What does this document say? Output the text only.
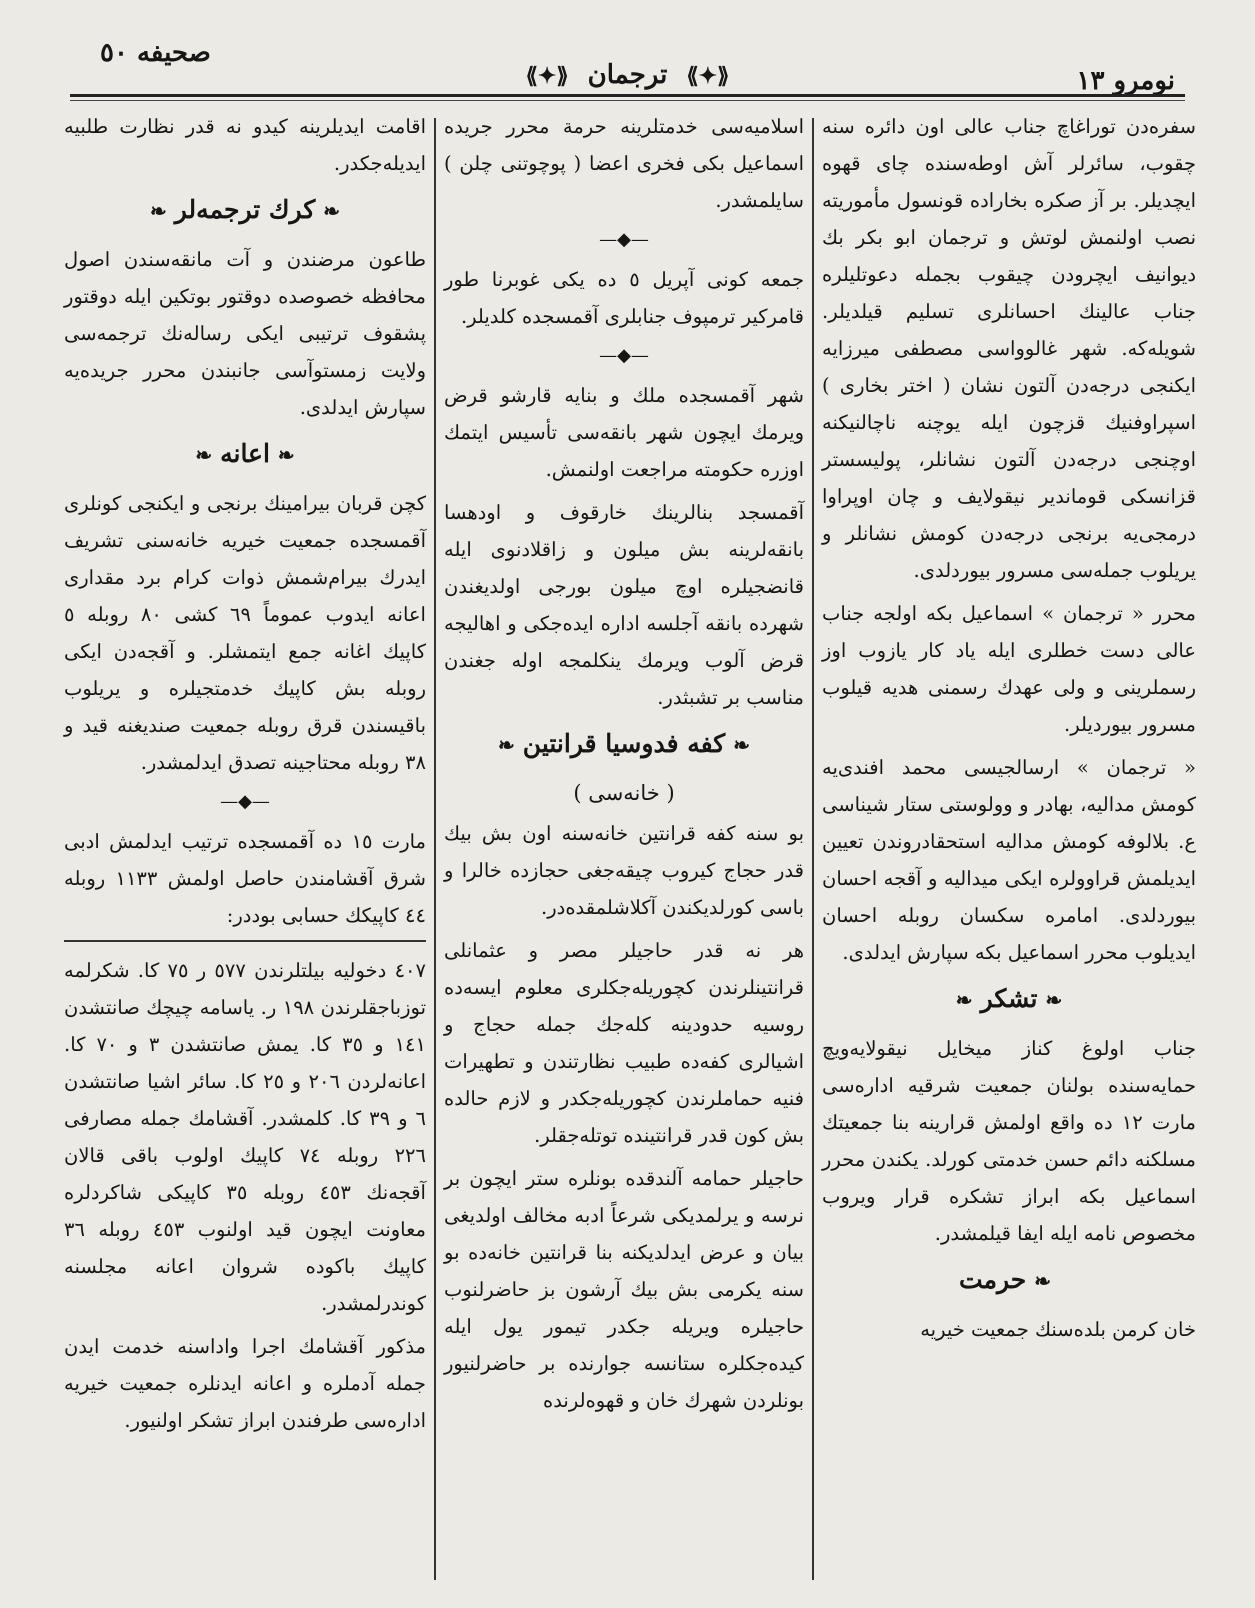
صحیفه ٥٠
⟪✦⟫ ترجمان ⟪✦⟫	نومرو ١٣

سفره‌دن توراغاچ جناب عالی اون دائره سنه چقوب، سائرلر آش اوطه‌سنده چای قهوه ایچدیلر. بر آز صکره بخاراده قونسول مأموریته نصب اولنمش لوتش و ترجمان ابو بکر بك دیوانیف ایچرودن چیقوب بجمله دعوتلیلره جناب عالینك احسانلری تسلیم قیلدیلر. شویله‌که. شهر غالوواسی مصطفی میرزایه ایکنجی درجه‌دن آلتون نشان ( اختر بخاری ) اسپراوفنیك قزچون ایله یوچنه ناچالنیکنه اوچنجی درجه‌دن آلتون نشانلر، پولیسستر قزانسکی قوماندیر نیقولایف و چان اوپراوا درمجی‌یه برنجی درجه‌دن کومش نشانلر و یریلوب جمله‌سی مسرور بیوردلدی.

محرر « ترجمان » اسماعیل بکه اولجه جناب عالی دست خطلری ایله یاد کار یازوب اوز رسملرینی و ولی عهدك رسمنی هدیه قیلوب مسرور بیوردیلر.

« ترجمان » ارسالجیسی محمد افندی‌یه کومش مدالیه، بهادر و وولوستی ستار شیناسی ع. بلالوفه کومش مدالیه استحقادروندن تعیین ایدیلمش قراوولره ایکی میدالیه و آقجه احسان بیوردلدی. امامره سکسان روبله احسان ایدیلوب محرر اسماعیل بکه سپارش ایدلدی.

❧تشکر❧

جناب اولوغ کناز میخایل نیقولایه‌ویچ حمایه‌سنده بولنان جمعیت شرقیه اداره‌سی مارت ١٢ ده واقع اولمش قرارینه بنا جمعیتك مسلکنه دائم حسن خدمتی کورلد. یکندن محرر اسماعیل بکه ابراز تشکره قرار ویروب مخصوص نامه ایله ایفا قیلمشدر.

❧حرمت

خان کرمن بلده‌سنك جمعیت خیریه

اسلامیه‌سی خدمتلرینه حرمة محرر جریده اسماعیل بکی فخری اعضا ( پوچوتنی چلن ) سایلمشدر.

—◆—

جمعه کونی آپریل ٥ ده یکی غوبرنا طور قامرکیر ترمپوف جنابلری آقمسجده کلدیلر.

—◆—

شهر آقمسجده ملك و بنایه قارشو قرض ویرمك ایچون شهر بانقه‌سی تأسیس ایتمك اوزره حکومته مراجعت اولنمش.

آقمسجد بنالرینك خارقوف و اودهسا بانقه‌لرینه بش میلون و زاقلادنوی ایله قانضجیلره اوچ میلون بورجی اولدیغندن شهرده بانقه آجلسه اداره ایده‌جکی و اهالیجه قرض آلوب ویرمك ینکلمجه اوله جغندن مناسب بر تشبثدر.

❧کفه فدوسیا قرانتین❧
( خانه‌سی )

بو سنه کفه قرانتین خانه‌سنه اون بش بیك قدر حجاج کیروب چیقه‌جغی حجازده خالرا و باسی کورلدیکندن آکلاشلمقده‌در.

هر نه قدر حاجیلر مصر و عثمانلی قرانتینلرندن کچوریله‌جکلری معلوم ایسه‌ده روسیه حدودینه کله‌جك جمله حجاج و اشیالری کفه‌ده طبیب نظارتندن و تطهیرات فنیه حماملرندن کچوریله‌جکدر و لازم حالده بش کون قدر قرانتینده توتله‌جقلر.

حاجیلر حمامه آلندقده بونلره ستر ایچون بر نرسه و یرلمدیکی شرعاً ادبه مخالف اولدیغی بیان و عرض ایدلدیکنه بنا قرانتین خانه‌ده بو سنه یکرمی بش بیك آرشون بز حاضرلنوب حاجیلره ویریله جکدر تیمور یول ایله کیده‌جکلره ستانسه جوارنده بر حاضرلنیور بونلردن شهرك خان و قهوه‌لرنده

اقامت ایدیلرینه کیدو نه قدر نظارت طلبیه ایدیله‌جکدر.

❧کرك ترجمه‌لر❧

طاعون مرضندن و آت ‌مانقه‌سندن اصول محافظه خصوصده دوقتور بوتکین ایله دوقتور پشقوف ترتیبی ایکی رساله‌نك ترجمه‌سی ولایت زمستوآسی جانبندن محرر جریده‌یه سپارش ایدلدی.

❧اعانه❧

کچن قربان بیرامینك برنجی و ایکنجی کونلری آقمسجده جمعیت خیریه خانه‌سنی تشریف ایدرك بیرام‌شمش ذوات کرام برد مقداری اعانه ایدوب عموماً ٦٩ کشی ٨٠ روبله ٥ کاپیك اغانه جمع ایتمشلر. و آقجه‌دن ایکی روبله بش کاپیك خدمتجیلره و یریلوب باقیسندن قرق روبله جمعیت صندیغنه قید و ٣٨ روبله محتاجینه تصدق ایدلمشدر.

—◆—

مارت ١٥ ده آقمسجده ترتیب ایدلمش ادبی شرق آقشامندن حاصل اولمش ١١٣٣ روبله ٤٤ کاپیکك حسابی بوددر:

٤٠٧ دخولیه بیلتلرندن ٥٧٧ ر ٧٥ کا. شکرلمه توزباجقلرندن ١٩٨ ر. یاسامه چیچك صانتشدن ١٤١ و ٣٥ کا. یمش صانتشدن ٣ و ٧٠ کا. اعانه‌لردن ٢٠٦ و ٢٥ کا. سائر اشیا صانتشدن ٦ و ٣٩ کا. کلمشدر. آقشامك جمله مصارفی ٢٢٦ روبله ٧٤ کاپیك اولوب باقی قالان آقجه‌نك ٤٥٣ روبله ٣٥ کاپیکی شاکردلره معاونت ایچون قید اولنوب ٤٥٣ روبله ٣٦ کاپیك باکوده شروان اعانه مجلسنه کوندرلمشدر.

مذکور آقشامك اجرا واداسنه خدمت ایدن جمله آدملره و اعانه ایدنلره جمعیت خیریه اداره‌سی طرفندن ابراز تشکر اولنیور.
